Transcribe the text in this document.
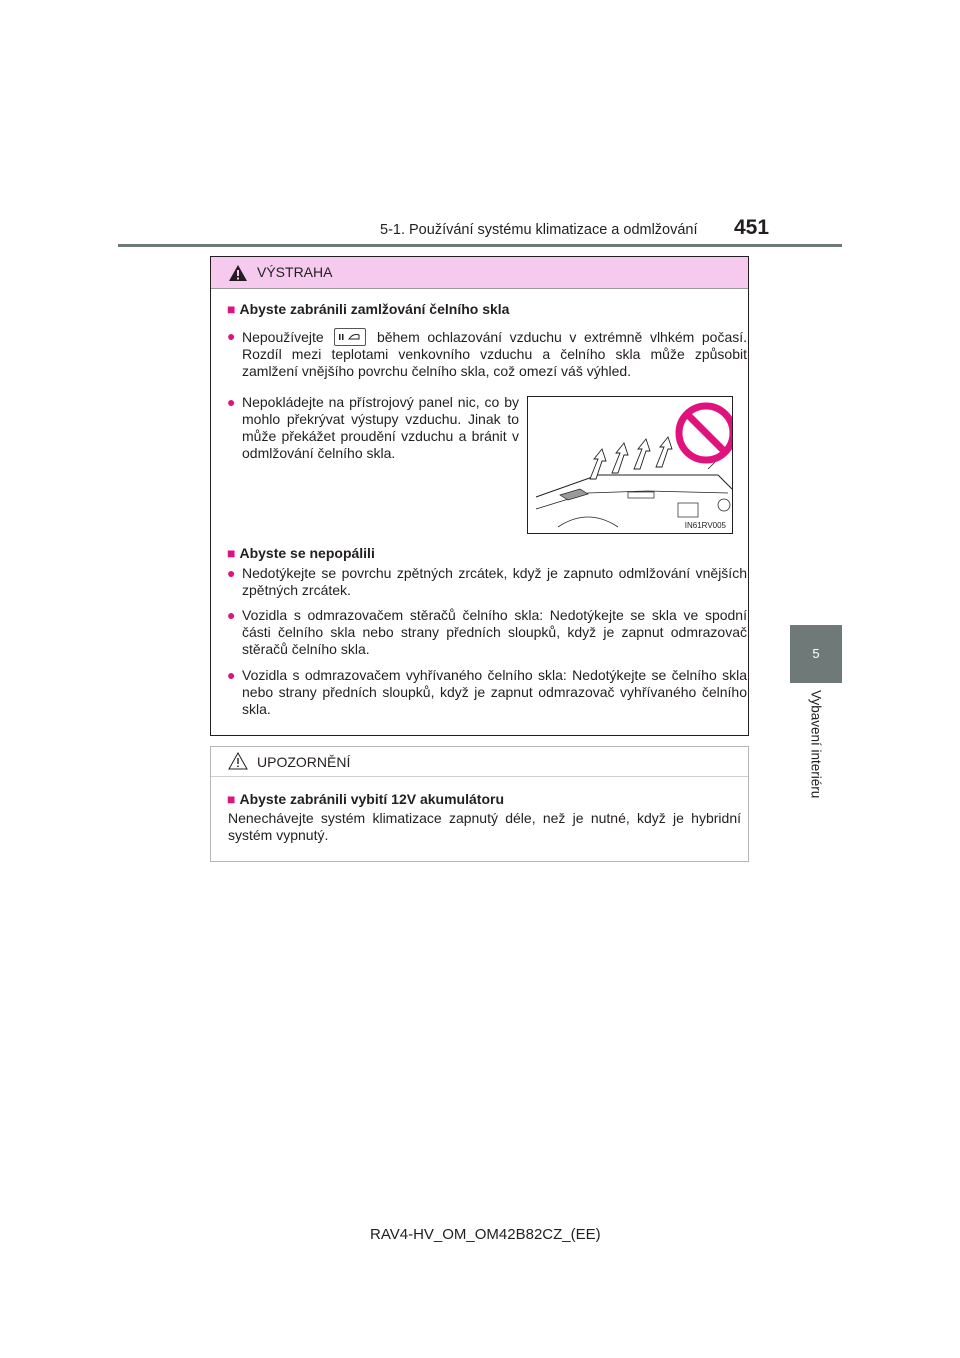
5-1. Používání systému klimatizace a odmlžování 451
5
Vybavení interiéru
VÝSTRAHA
■ Abyste zabránili zamlžování čelního skla
● Nepoužívejte	během ochlazování vzduchu v extrémně vlhkém počasí. Rozdíl mezi teplotami venkovního vzduchu a čelního skla může způsobit zamlžení vnějšího povrchu čelního skla, což omezí váš výhled.
● Nepokládejte na přístrojový panel nic, co by mohlo překrývat výstupy vzduchu. Jinak to může překážet proudění vzduchu a bránit v odmlžování čelního skla.
IN61RV005
■ Abyste se nepopálili
● Nedotýkejte se povrchu zpětných zrcátek, když je zapnuto odmlžování vnějších zpětných zrcátek.
● Vozidla s odmrazovačem stěračů čelního skla: Nedotýkejte se skla ve spodní části čelního skla nebo strany předních sloupků, když je zapnut odmrazovač stěračů čelního skla.
● Vozidla s odmrazovačem vyhřívaného čelního skla: Nedotýkejte se čelního skla nebo strany předních sloupků, když je zapnut odmrazovač vyhřívaného čelního skla.
UPOZORNĚNÍ
■ Abyste zabránili vybití 12V akumulátoru
Nenechávejte systém klimatizace zapnutý déle, než je nutné, když je hybridní systém vypnutý.
RAV4-HV_OM_OM42B82CZ_(EE)
